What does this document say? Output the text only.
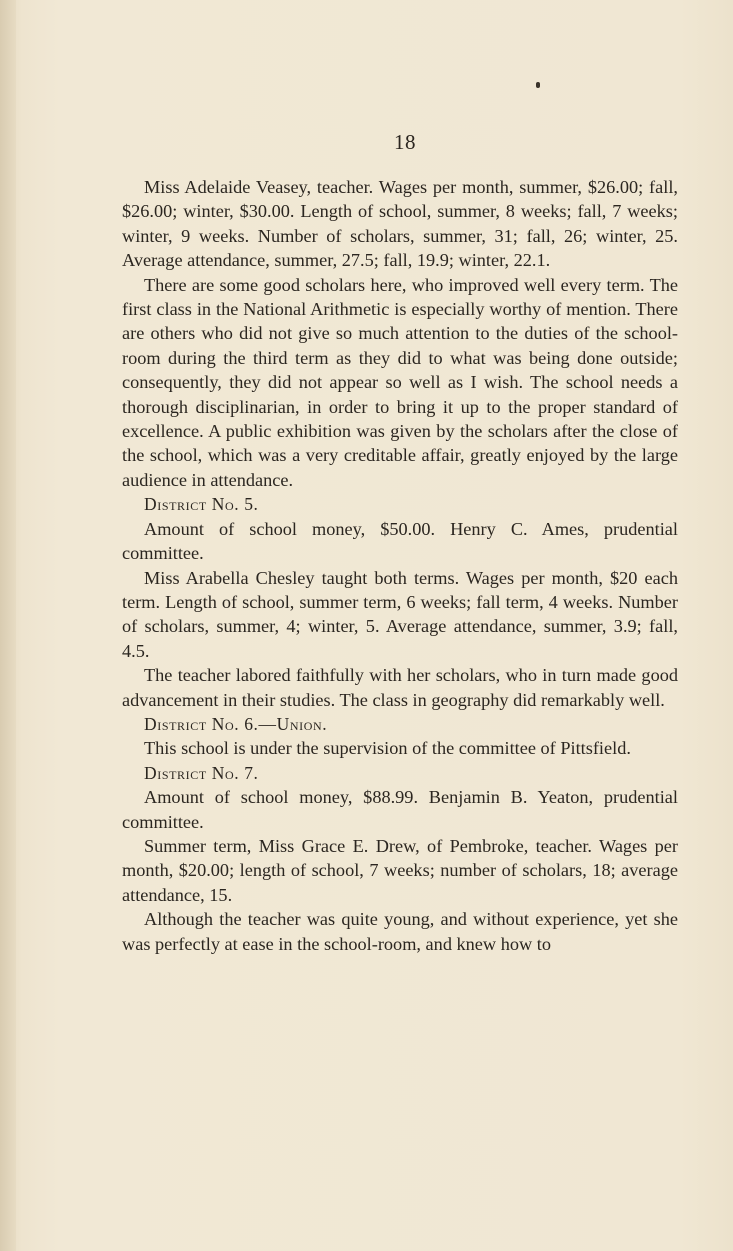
18

Miss Adelaide Veasey, teacher. Wages per month, summer, $26.00; fall, $26.00; winter, $30.00. Length of school, summer, 8 weeks; fall, 7 weeks; winter, 9 weeks. Number of scholars, summer, 31; fall, 26; winter, 25. Average attendance, summer, 27.5; fall, 19.9; winter, 22.1.

There are some good scholars here, who improved well every term. The first class in the National Arithmetic is especially worthy of mention. There are others who did not give so much attention to the duties of the school-room during the third term as they did to what was being done outside; consequently, they did not appear so well as I wish. The school needs a thorough disciplinarian, in order to bring it up to the proper standard of excellence. A public exhibition was given by the scholars after the close of the school, which was a very creditable affair, greatly enjoyed by the large audience in attendance.

District No. 5.

Amount of school money, $50.00. Henry C. Ames, prudential committee.

Miss Arabella Chesley taught both terms. Wages per month, $20 each term. Length of school, summer term, 6 weeks; fall term, 4 weeks. Number of scholars, summer, 4; winter, 5. Average attendance, summer, 3.9; fall, 4.5.

The teacher labored faithfully with her scholars, who in turn made good advancement in their studies. The class in geography did remarkably well.

District No. 6.—Union.

This school is under the supervision of the committee of Pittsfield.

District No. 7.

Amount of school money, $88.99. Benjamin B. Yeaton, prudential committee.

Summer term, Miss Grace E. Drew, of Pembroke, teacher. Wages per month, $20.00; length of school, 7 weeks; number of scholars, 18; average attendance, 15.

Although the teacher was quite young, and without experience, yet she was perfectly at ease in the school-room, and knew how to
